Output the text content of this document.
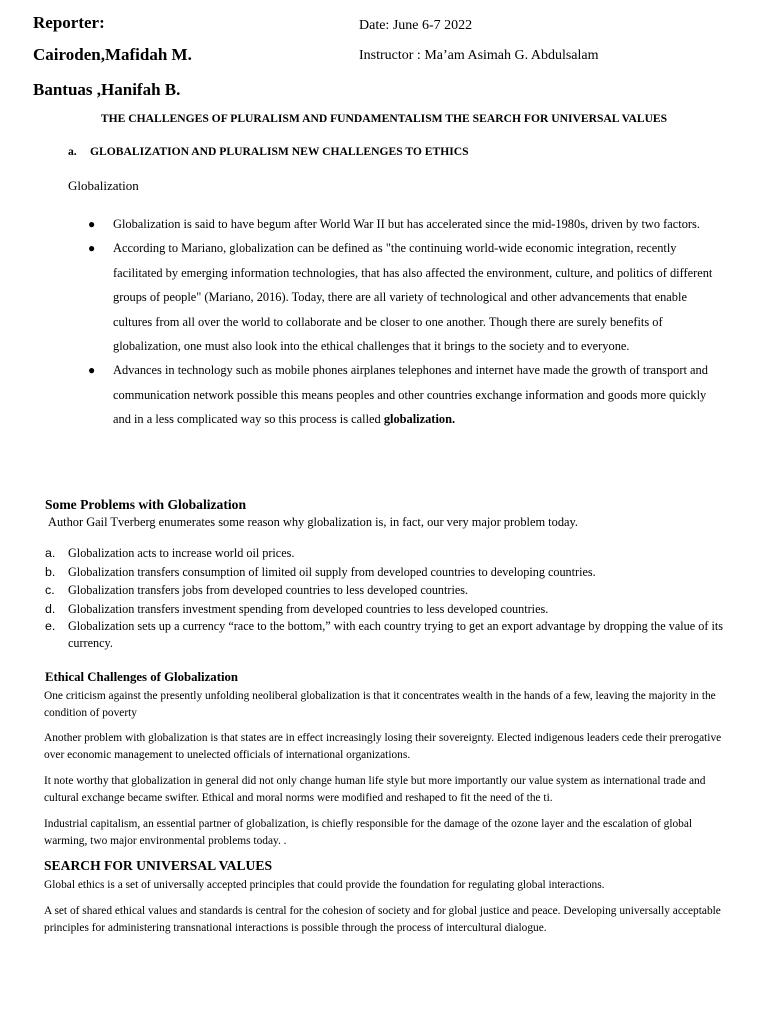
Reporter:
Cairoden,Mafidah M.
Bantuas ,Hanifah B.
Date: June 6-7 2022
Instructor : Ma’am Asimah G. Abdulsalam
THE CHALLENGES OF PLURALISM AND FUNDAMENTALISM THE SEARCH FOR UNIVERSAL VALUES
a. GLOBALIZATION AND PLURALISM NEW CHALLENGES TO ETHICS
Globalization
● Globalization is said to have begum after World War II but has accelerated since the mid-1980s, driven by two factors.
● According to Mariano, globalization can be defined as "the continuing world-wide economic integration, recently facilitated by emerging information technologies, that has also affected the environment, culture, and politics of different groups of people" (Mariano, 2016). Today, there are all variety of technological and other advancements that enable cultures from all over the world to collaborate and be closer to one another. Though there are surely benefits of globalization, one must also look into the ethical challenges that it brings to the society and to everyone.
● Advances in technology such as mobile phones airplanes telephones and internet have made the growth of transport and communication network possible this means peoples and other countries exchange information and goods more quickly and in a less complicated way so this process is called globalization.
Some Problems with Globalization
Author Gail Tverberg enumerates some reason why globalization is, in fact, our very major problem today.
a. Globalization acts to increase world oil prices.
b. Globalization transfers consumption of limited oil supply from developed countries to developing countries.
c. Globalization transfers jobs from developed countries to less developed countries.
d. Globalization transfers investment spending from developed countries to less developed countries.
e. Globalization sets up a currency “race to the bottom,” with each country trying to get an export advantage by dropping the value of its currency.
Ethical Challenges of Globalization
One criticism against the presently unfolding neoliberal globalization is that it concentrates wealth in the hands of a few, leaving the majority in the condition of poverty
Another problem with globalization is that states are in effect increasingly losing their sovereignty. Elected indigenous leaders cede their prerogative over economic management to unelected officials of international organizations.
It note worthy that globalization in general did not only change human life style but more importantly our value system as international trade and cultural exchange became swifter. Ethical and moral norms were modified and reshaped to fit the need of the ti.
Industrial capitalism, an essential partner of globalization, is chiefly responsible for the damage of the ozone layer and the escalation of global warming, two major environmental problems today. .
SEARCH FOR UNIVERSAL VALUES
Global ethics is a set of universally accepted principles that could provide the foundation for regulating global interactions.
A set of shared ethical values and standards is central for the cohesion of society and for global justice and peace. Developing universally acceptable principles for administering transnational interactions is possible through the process of intercultural dialogue.
